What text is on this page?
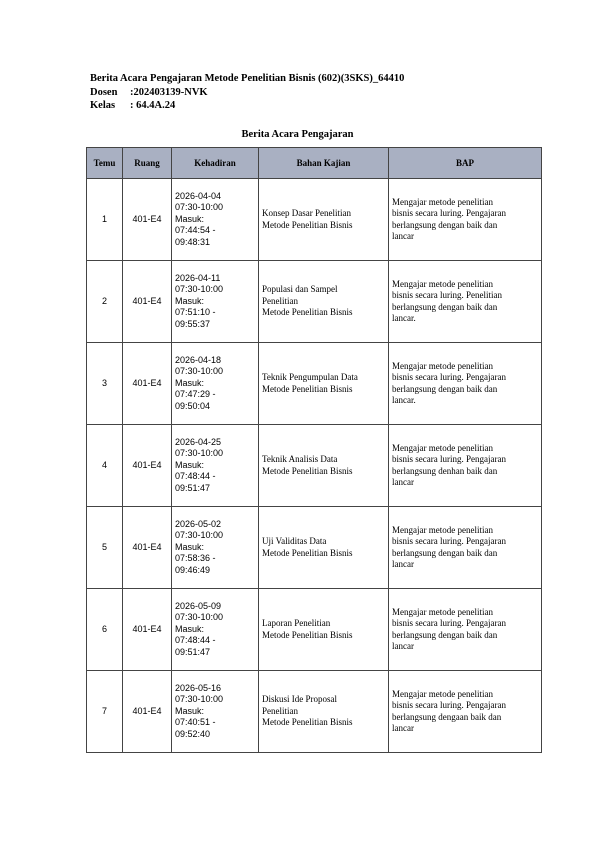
Berita Acara Pengajaran Metode Penelitian Bisnis (602)(3SKS)_64410
Dosen	:202403139-NVK
Kelas	: 64.4A.24
Berita Acara Pengajaran
Temu	Ruang	Kehadiran	Bahan Kajian	BAP
1	401-E4	2026-04-04
07:30-10:00
Masuk:
07:44:54 -
09:48:31	Konsep Dasar Penelitian
Metode Penelitian Bisnis	Mengajar metode penelitian
bisnis secara luring. Pengajaran
berlangsung dengan baik dan
lancar

2	401-E4	2026-04-11
07:30-10:00
Masuk:
07:51:10 -
09:55:37	Populasi dan Sampel
Penelitian
Metode Penelitian Bisnis	Mengajar metode penelitian
bisnis secara luring. Penelitian
berlangsung dengan baik dan
lancar.

3	401-E4	2026-04-18
07:30-10:00
Masuk:
07:47:29 -
09:50:04	Teknik Pengumpulan Data
Metode Penelitian Bisnis	Mengajar metode penelitian
bisnis secara luring. Pengajaran
berlangsung dengan baik dan
lancar.

4	401-E4	2026-04-25
07:30-10:00
Masuk:
07:48:44 -
09:51:47	Teknik Analisis Data
Metode Penelitian Bisnis	Mengajar metode penelitian
bisnis secara luring. Pengajaran
berlangsung denhan baik dan
lancar

5	401-E4	2026-05-02
07:30-10:00
Masuk:
07:58:36 -
09:46:49	Uji Validitas Data
Metode Penelitian Bisnis	Mengajar metode penelitian
bisnis secara luring. Pengajaran
berlangsung dengan baik dan
lancar

6	401-E4	2026-05-09
07:30-10:00
Masuk:
07:48:44 -
09:51:47	Laporan Penelitian
Metode Penelitian Bisnis	Mengajar metode penelitian
bisnis secara luring. Pengajaran
berlangsung dengan baik dan
lancar

7	401-E4	2026-05-16
07:30-10:00
Masuk:
07:40:51 -
09:52:40	Diskusi Ide Proposal
Penelitian
Metode Penelitian Bisnis	Mengajar metode penelitian
bisnis secara luring. Pengajaran
berlangsung dengaan baik dan
lancar
